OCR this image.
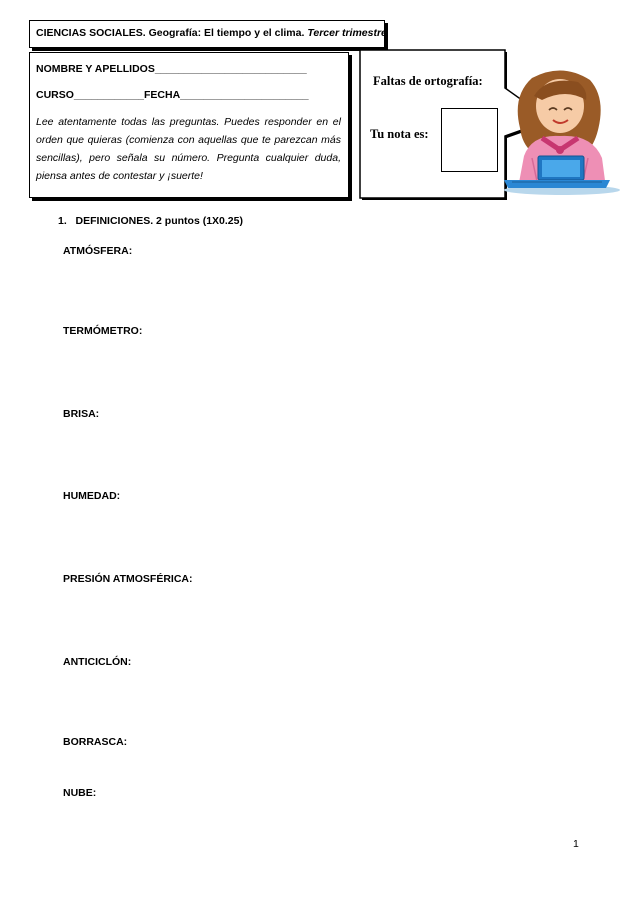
CIENCIAS SOCIALES. Geografía: El tiempo y el clima. Tercer trimestre
NOMBRE Y APELLIDOS__________________________
CURSO____________FECHA______________________
Lee atentamente todas las preguntas. Puedes responder en el orden que quieras (comienza con aquellas que te parezcan más sencillas), pero señala su número. Pregunta cualquier duda, piensa antes de contestar y ¡suerte!
Faltas de ortografía:
Tu nota es:
1. DEFINICIONES. 2 puntos (1X0.25)
ATMÓSFERA:
TERMÓMETRO:
BRISA:
HUMEDAD:
PRESIÓN ATMOSFÉRICA:
ANTICICLÓN:
BORRASCA:
NUBE:
1
